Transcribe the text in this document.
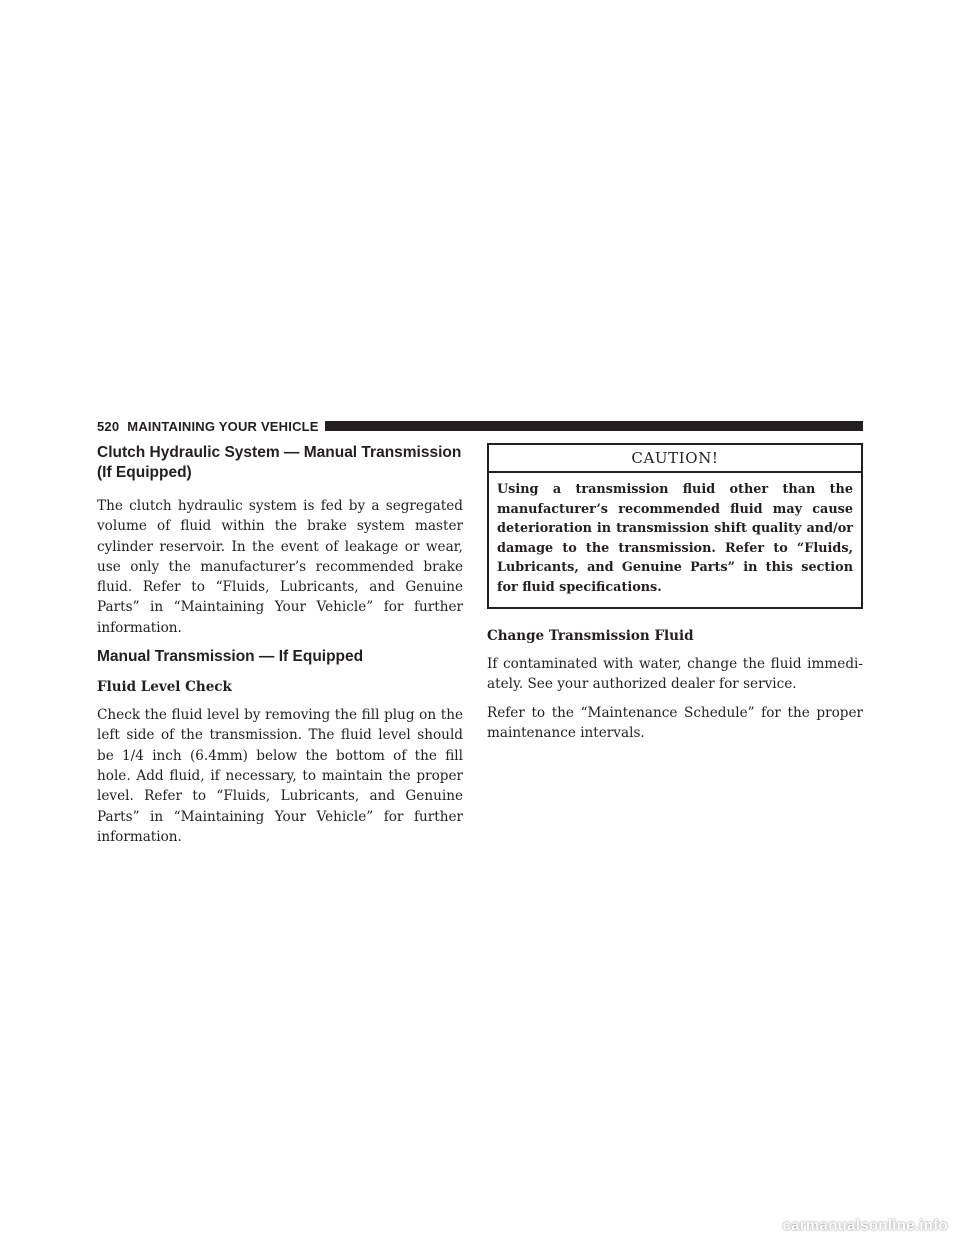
520 MAINTAINING YOUR VEHICLE
Clutch Hydraulic System — Manual Transmission (If Equipped)

The clutch hydraulic system is fed by a segregated volume of fluid within the brake system master cylinder reservoir. In the event of leakage or wear, use only the manufacturer’s recommended brake fluid. Refer to “Fluids, Lubricants, and Genuine Parts” in “Maintaining Your Vehicle” for further information.

Manual Transmission — If Equipped
Fluid Level Check

Check the fluid level by removing the fill plug on the left side of the transmission. The fluid level should be 1/4 inch (6.4mm) below the bottom of the fill hole. Add fluid, if necessary, to maintain the proper level. Refer to “Fluids, Lubricants, and Genuine Parts” in “Maintaining Your Vehicle” for further information.

CAUTION!

Using a transmission fluid other than the manufacturer’s recommended fluid may cause deterioration in transmission shift quality and/or damage to the transmission. Refer to “Fluids, Lubricants, and Genuine Parts” in this section for fluid specifications.

Change Transmission Fluid

If contaminated with water, change the fluid immediately. See your authorized dealer for service.

Refer to the “Maintenance Schedule” for the proper maintenance intervals.

carmanualsonline.info
